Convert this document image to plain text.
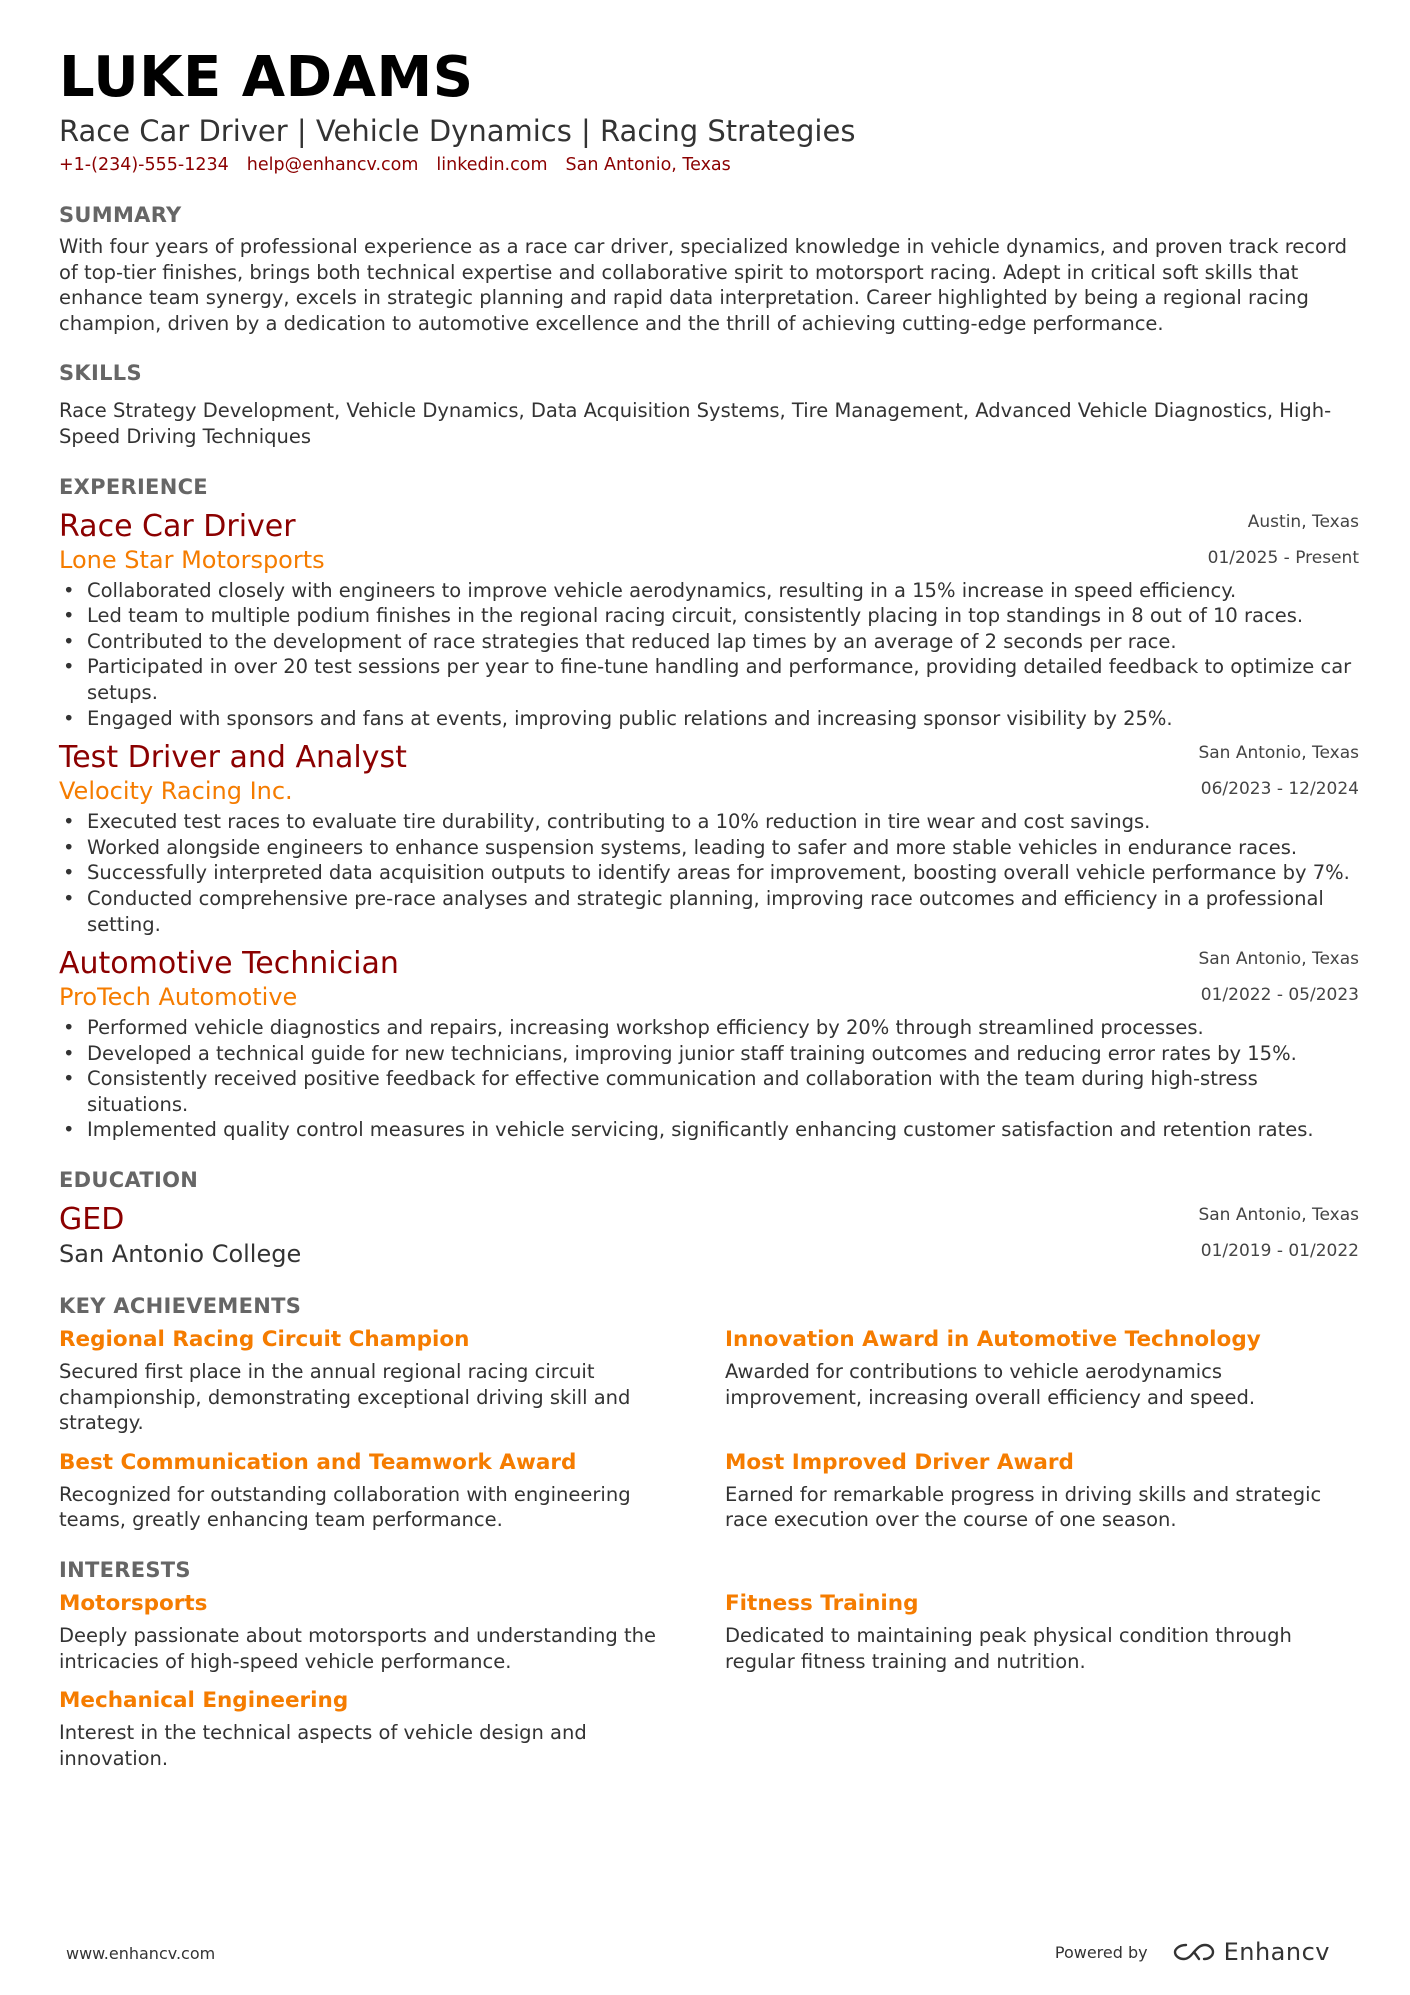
LUKE ADAMS

Race Car Driver | Vehicle Dynamics | Racing Strategies

+1-(234)-555-1234 help@enhancv.com linkedin.com San Antonio, Texas
SUMMARY

With four years of professional experience as a race car driver, specialized knowledge in vehicle dynamics, and proven track record of top-tier finishes, brings both technical expertise and collaborative spirit to motorsport racing. Adept in critical soft skills that enhance team synergy, excels in strategic planning and rapid data interpretation. Career highlighted by being a regional racing champion, driven by a dedication to automotive excellence and the thrill of achieving cutting-edge performance.

SKILLS

Race Strategy Development, Vehicle Dynamics, Data Acquisition Systems, Tire Management, Advanced Vehicle Diagnostics, High-Speed Driving Techniques

EXPERIENCE

Race Car Driver

Lone Star Motorsports

Austin, Texas
01/2025 - Present
• Collaborated closely with engineers to improve vehicle aerodynamics, resulting in a 15% increase in speed efficiency.
• Led team to multiple podium finishes in the regional racing circuit, consistently placing in top standings in 8 out of 10 races.
• Contributed to the development of race strategies that reduced lap times by an average of 2 seconds per race.
• Participated in over 20 test sessions per year to fine-tune handling and performance, providing detailed feedback to optimize car setups.
• Engaged with sponsors and fans at events, improving public relations and increasing sponsor visibility by 25%.

Test Driver and Analyst

Velocity Racing Inc.

San Antonio, Texas
06/2023 - 12/2024
• Executed test races to evaluate tire durability, contributing to a 10% reduction in tire wear and cost savings.
• Worked alongside engineers to enhance suspension systems, leading to safer and more stable vehicles in endurance races.
• Successfully interpreted data acquisition outputs to identify areas for improvement, boosting overall vehicle performance by 7%.
• Conducted comprehensive pre-race analyses and strategic planning, improving race outcomes and efficiency in a professional setting.

Automotive Technician

ProTech Automotive

San Antonio, Texas
01/2022 - 05/2023
• Performed vehicle diagnostics and repairs, increasing workshop efficiency by 20% through streamlined processes.
• Developed a technical guide for new technicians, improving junior staff training outcomes and reducing error rates by 15%.
• Consistently received positive feedback for effective communication and collaboration with the team during high-stress situations.
• Implemented quality control measures in vehicle servicing, significantly enhancing customer satisfaction and retention rates.
EDUCATION

GED

San Antonio College

San Antonio, Texas
01/2019 - 01/2022
KEY ACHIEVEMENTS

Regional Racing Circuit Champion

Secured first place in the annual regional racing circuit championship, demonstrating exceptional driving skill and strategy.

Innovation Award in Automotive Technology

Awarded for contributions to vehicle aerodynamics improvement, increasing overall efficiency and speed.

Best Communication and Teamwork Award

Recognized for outstanding collaboration with engineering teams, greatly enhancing team performance.

Most Improved Driver Award

Earned for remarkable progress in driving skills and strategic race execution over the course of one season.

INTERESTS

Motorsports

Deeply passionate about motorsports and understanding the intricacies of high-speed vehicle performance.

Fitness Training

Dedicated to maintaining peak physical condition through regular fitness training and nutrition.

Mechanical Engineering

Interest in the technical aspects of vehicle design and innovation.

www.enhancv.com	Powered by	Enhancv
